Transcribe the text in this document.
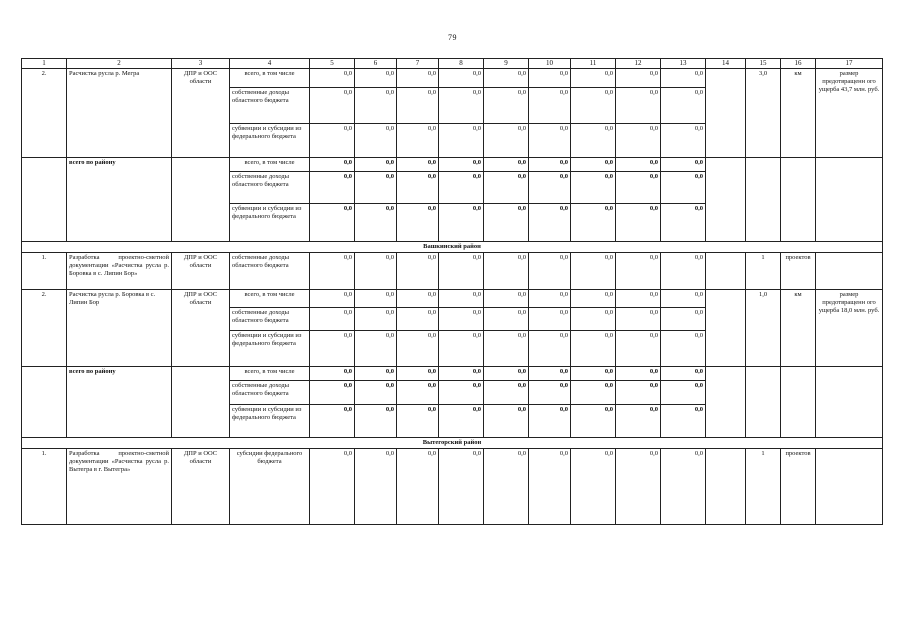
79
1	2	3	4	5	6	7	8	9	10	11	12	13	14	15	16	17
2.	Расчистка русла р. Мегра	ДПР и ООС области	всего, в том числе	0,0	0,0	0,0	0,0	0,0	0,0	0,0	0,0	0,0		3,0	км	размер предотвращенн ого ущерба 43,7 млн. руб.
			собственные доходы областного бюджета	0,0	0,0	0,0	0,0	0,0	0,0	0,0	0,0	0,0				
			субвенции и субсидии из федерального бюджета	0,0	0,0	0,0	0,0	0,0	0,0	0,0	0,0	0,0				
	всего по району		всего, в том числе	0,0	0,0	0,0	0,0	0,0	0,0	0,0	0,0	0,0				
			собственные доходы областного бюджета	0,0	0,0	0,0	0,0	0,0	0,0	0,0	0,0	0,0				
			субвенции и субсидии из федерального бюджета	0,0	0,0	0,0	0,0	0,0	0,0	0,0	0,0	0,0				
Вашкинский район																
1.	Разработка проектно-сметной документации «Расчистка русла р. Боровка в с. Липин Бор»	ДПР и ООС области	собственные доходы областного бюджета	0,0	0,0	0,0	0,0	0,0	0,0	0,0	0,0	0,0		1	проектов	
2.	Расчистка русла р. Боровка в с. Липин Бор	ДПР и ООС области	всего, в том числе	0,0	0,0	0,0	0,0	0,0	0,0	0,0	0,0	0,0		1,0	км	размер предотвращенн ого ущерба 18,0 млн. руб.
			собственные доходы областного бюджета	0,0	0,0	0,0	0,0	0,0	0,0	0,0	0,0	0,0				
			субвенции и субсидии из федерального бюджета	0,0	0,0	0,0	0,0	0,0	0,0	0,0	0,0	0,0				
	всего по району		всего, в том числе	0,0	0,0	0,0	0,0	0,0	0,0	0,0	0,0	0,0				
			собственные доходы областного бюджета	0,0	0,0	0,0	0,0	0,0	0,0	0,0	0,0	0,0				
			субвенции и субсидии из федерального бюджета	0,0	0,0	0,0	0,0	0,0	0,0	0,0	0,0	0,0				
Вытегорский район																
1.	Разработка проектно-сметной документации «Расчистка русла р. Вытегра в г. Вытегра»	ДПР и ООС области	субсидии федерального бюджета	0,0	0,0	0,0	0,0	0,0	0,0	0,0	0,0	0,0		1	проектов	
